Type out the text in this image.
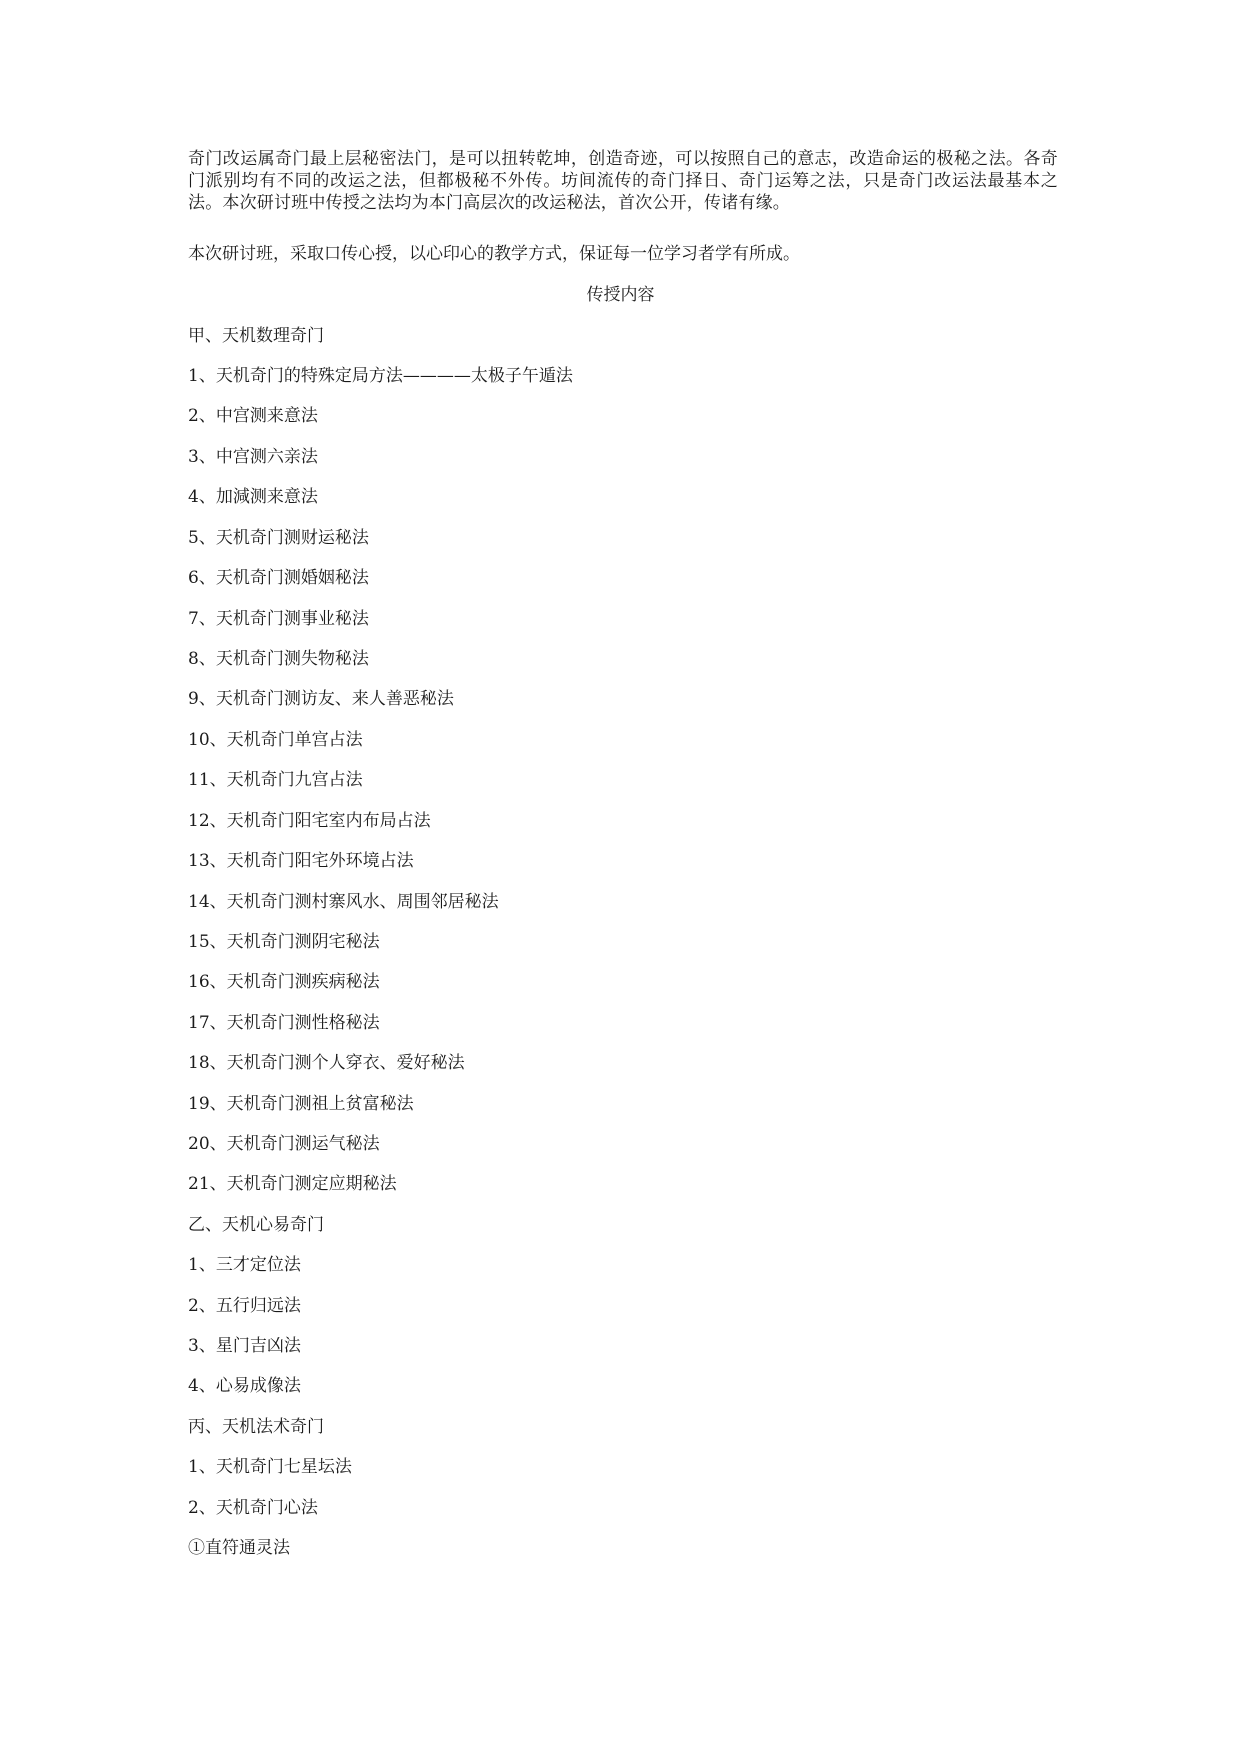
奇门改运属奇门最上层秘密法门，是可以扭转乾坤，创造奇迹，可以按照自己的意志，改造命运的极秘之法。各奇门派别均有不同的改运之法，但都极秘不外传。坊间流传的奇门择日、奇门运筹之法，只是奇门改运法最基本之法。本次研讨班中传授之法均为本门高层次的改运秘法，首次公开，传诸有缘。

本次研讨班，采取口传心授，以心印心的教学方式，保证每一位学习者学有所成。

传授内容

甲、天机数理奇门
1、天机奇门的特殊定局方法————太极子午遁法
2、中宫测来意法
3、中宫测六亲法
4、加減测来意法
5、天机奇门测财运秘法
6、天机奇门测婚姻秘法
7、天机奇门测事业秘法
8、天机奇门测失物秘法
9、天机奇门测访友、来人善恶秘法
10、天机奇门单宫占法
11、天机奇门九宫占法
12、天机奇门阳宅室内布局占法
13、天机奇门阳宅外环境占法
14、天机奇门测村寨风水、周围邻居秘法
15、天机奇门测阴宅秘法
16、天机奇门测疾病秘法
17、天机奇门测性格秘法
18、天机奇门测个人穿衣、爱好秘法
19、天机奇门测祖上贫富秘法
20、天机奇门测运气秘法
21、天机奇门测定应期秘法
乙、天机心易奇门
1、三才定位法
2、五行归远法
3、星门吉凶法
4、心易成像法
丙、天机法术奇门
1、天机奇门七星坛法
2、天机奇门心法
①直符通灵法
